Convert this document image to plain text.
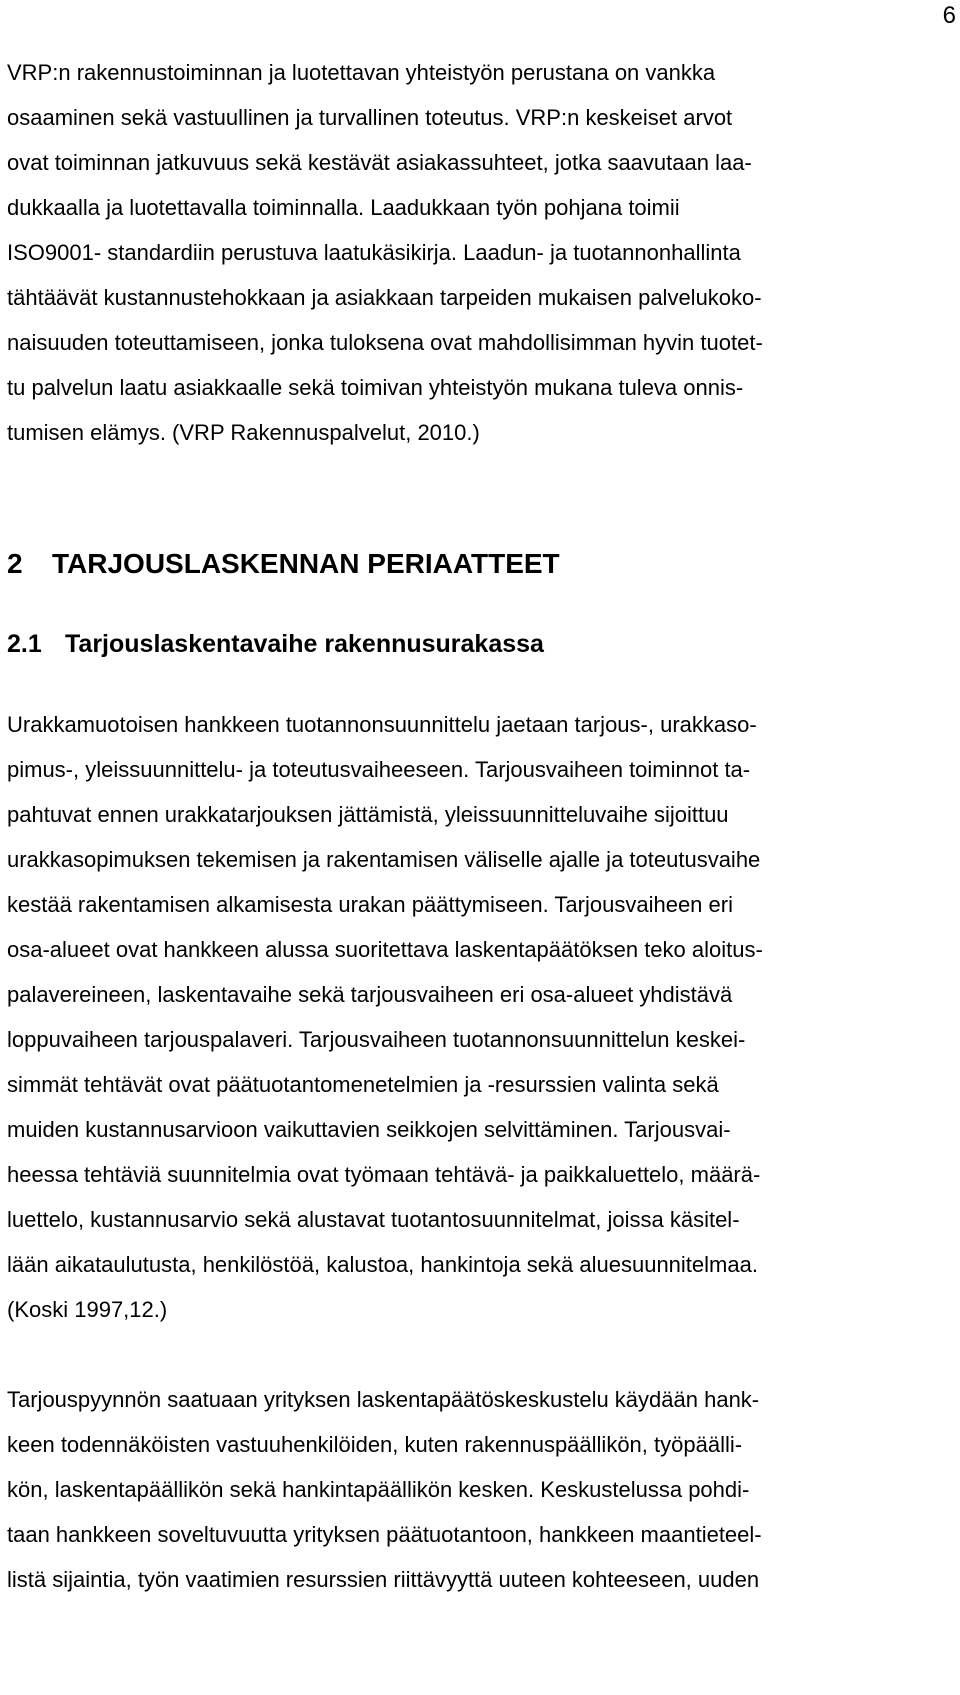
6
VRP:n rakennustoiminnan ja luotettavan yhteistyön perustana on vankka
osaaminen sekä vastuullinen ja turvallinen toteutus. VRP:n keskeiset arvot
ovat toiminnan jatkuvuus sekä kestävät asiakassuhteet, jotka saavutaan laa-
dukkaalla ja luotettavalla toiminnalla. Laadukkaan työn pohjana toimii
ISO9001- standardiin perustuva laatukäsikirja. Laadun- ja tuotannonhallinta
tähtäävät kustannustehokkaan ja asiakkaan tarpeiden mukaisen palvelukoko-
naisuuden toteuttamiseen, jonka tuloksena ovat mahdollisimman hyvin tuotet-
tu palvelun laatu asiakkaalle sekä toimivan yhteistyön mukana tuleva onnis-
tumisen elämys. (VRP Rakennuspalvelut, 2010.)
2 TARJOUSLASKENNAN PERIAATTEET
2.1 Tarjouslaskentavaihe rakennusurakassa
Urakkamuotoisen hankkeen tuotannonsuunnittelu jaetaan tarjous-, urakkaso-
pimus-, yleissuunnittelu- ja toteutusvaiheeseen. Tarjousvaiheen toiminnot ta-
pahtuvat ennen urakkatarjouksen jättämistä, yleissuunnitteluvaihe sijoittuu
urakkasopimuksen tekemisen ja rakentamisen väliselle ajalle ja toteutusvaihe
kestää rakentamisen alkamisesta urakan päättymiseen. Tarjousvaiheen eri
osa-alueet ovat hankkeen alussa suoritettava laskentapäätöksen teko aloitus-
palavereineen, laskentavaihe sekä tarjousvaiheen eri osa-alueet yhdistävä
loppuvaiheen tarjouspalaveri. Tarjousvaiheen tuotannonsuunnittelun keskei-
simmät tehtävät ovat päätuotantomenetelmien ja -resurssien valinta sekä
muiden kustannusarvioon vaikuttavien seikkojen selvittäminen. Tarjousvai-
heessa tehtäviä suunnitelmia ovat työmaan tehtävä- ja paikkaluettelo, määrä-
luettelo, kustannusarvio sekä alustavat tuotantosuunnitelmat, joissa käsitel-
lään aikataulutusta, henkilöstöä, kalustoa, hankintoja sekä aluesuunnitelmaa.
(Koski 1997,12.)
Tarjouspyynnön saatuaan yrityksen laskentapäätöskeskustelu käydään hank-
keen todennäköisten vastuuhenkilöiden, kuten rakennuspäällikön, työpäälli-
kön, laskentapäällikön sekä hankintapäällikön kesken. Keskustelussa pohdi-
taan hankkeen soveltuvuutta yrityksen päätuotantoon, hankkeen maantieteel-
listä sijaintia, työn vaatimien resurssien riittävyyttä uuteen kohteeseen, uuden
